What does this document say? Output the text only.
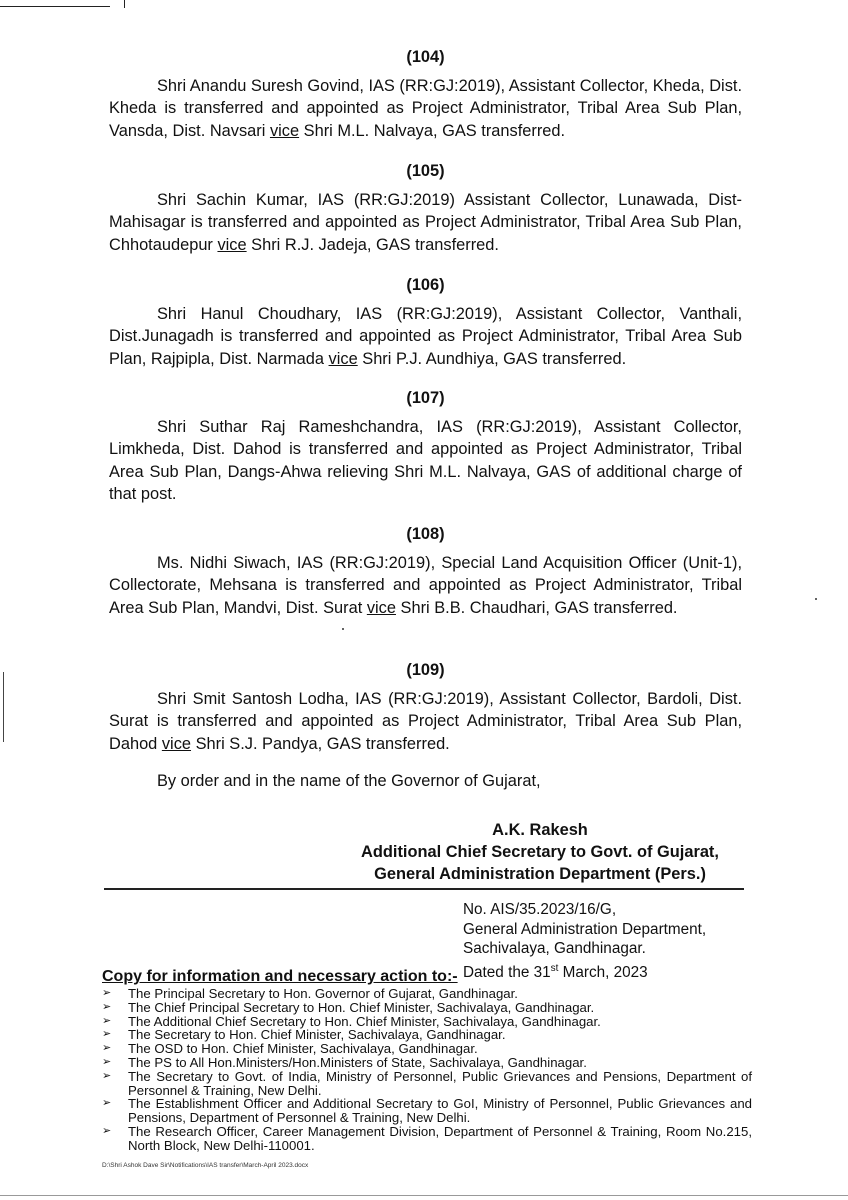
(104)
Shri Anandu Suresh Govind, IAS (RR:GJ:2019), Assistant Collector, Kheda, Dist. Kheda is transferred and appointed as Project Administrator, Tribal Area Sub Plan, Vansda, Dist. Navsari vice Shri M.L. Nalvaya, GAS transferred.
(105)
Shri Sachin Kumar, IAS (RR:GJ:2019) Assistant Collector, Lunawada, Dist-Mahisagar is transferred and appointed as Project Administrator, Tribal Area Sub Plan, Chhotaudepur vice Shri R.J. Jadeja, GAS transferred.
(106)
Shri Hanul Choudhary, IAS (RR:GJ:2019), Assistant Collector, Vanthali, Dist.Junagadh is transferred and appointed as Project Administrator, Tribal Area Sub Plan, Rajpipla, Dist. Narmada vice Shri P.J. Aundhiya, GAS transferred.
(107)
Shri Suthar Raj Rameshchandra, IAS (RR:GJ:2019), Assistant Collector, Limkheda, Dist. Dahod is transferred and appointed as Project Administrator, Tribal Area Sub Plan, Dangs-Ahwa relieving Shri M.L. Nalvaya, GAS of additional charge of that post.
(108)
Ms. Nidhi Siwach, IAS (RR:GJ:2019), Special Land Acquisition Officer (Unit-1), Collectorate, Mehsana is transferred and appointed as Project Administrator, Tribal Area Sub Plan, Mandvi, Dist. Surat vice Shri B.B. Chaudhari, GAS transferred.
(109)
Shri Smit Santosh Lodha, IAS (RR:GJ:2019), Assistant Collector, Bardoli, Dist. Surat is transferred and appointed as Project Administrator, Tribal Area Sub Plan, Dahod vice Shri S.J. Pandya, GAS transferred.
By order and in the name of the Governor of Gujarat,
A.K. Rakesh
Additional Chief Secretary to Govt. of Gujarat,
General Administration Department (Pers.)
No. AIS/35.2023/16/G,
General Administration Department,
Sachivalaya, Gandhinagar.
Dated the 31st March, 2023
Copy for information and necessary action to:-
➢	The Principal Secretary to Hon. Governor of Gujarat, Gandhinagar.
➢	The Chief Principal Secretary to Hon. Chief Minister, Sachivalaya, Gandhinagar.
➢	The Additional Chief Secretary to Hon. Chief Minister, Sachivalaya, Gandhinagar.
➢	The Secretary to Hon. Chief Minister, Sachivalaya, Gandhinagar.
➢	The OSD to Hon. Chief Minister, Sachivalaya, Gandhinagar.
➢	The PS to All Hon.Ministers/Hon.Ministers of State, Sachivalaya, Gandhinagar.
➢	The Secretary to Govt. of India, Ministry of Personnel, Public Grievances and Pensions, Department of Personnel & Training, New Delhi.
➢	The Establishment Officer and Additional Secretary to GoI, Ministry of Personnel, Public Grievances and Pensions, Department of Personnel & Training, New Delhi.
➢	The Research Officer, Career Management Division, Department of Personnel & Training, Room No.215, North Block, New Delhi-110001.
D:\Shri Ashok Dave Sir\Notifications\IAS transfer\March-April 2023.docx
